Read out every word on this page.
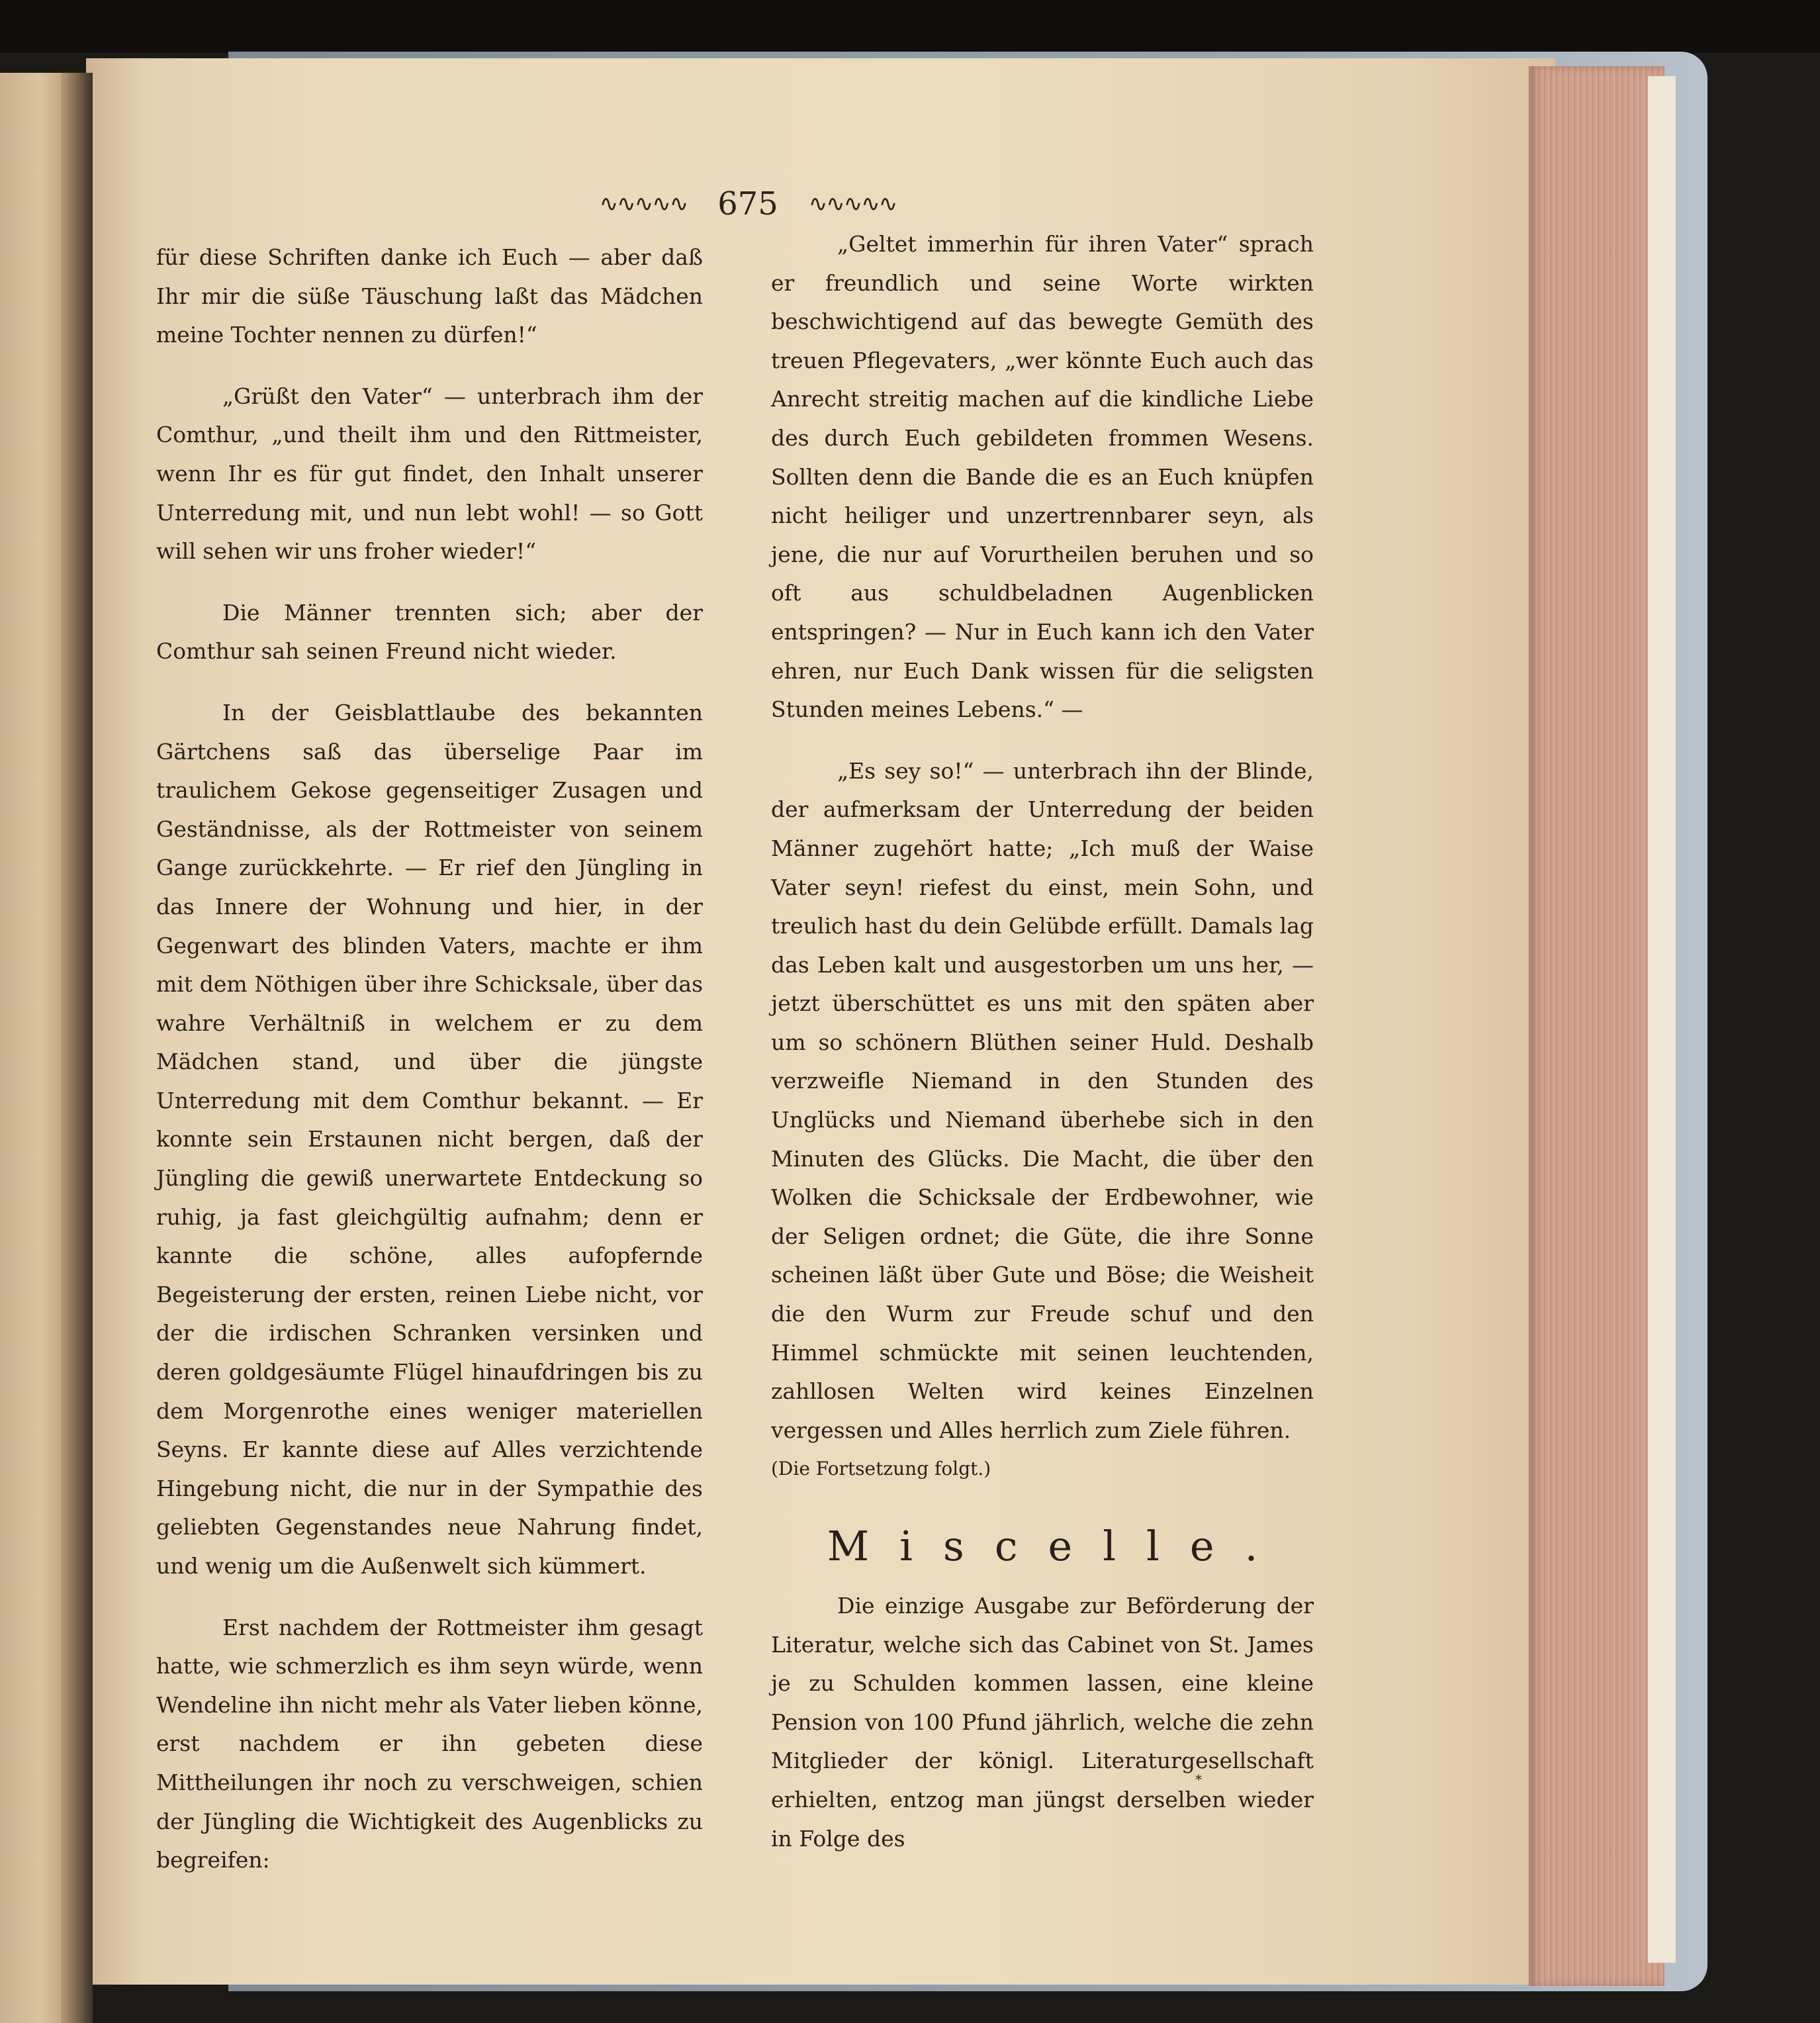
∿∿∿∿∿ 675 ∿∿∿∿∿

für diese Schriften danke ich Euch — aber daß Ihr mir die süße Täuschung laßt das Mädchen meine Tochter nennen zu dürfen!“

„Grüßt den Vater“ — unterbrach ihm der Comthur, „und theilt ihm und den Rittmeister, wenn Ihr es für gut findet, den Inhalt unserer Unterredung mit, und nun lebt wohl! — so Gott will sehen wir uns froher wieder!“

Die Männer trennten sich; aber der Comthur sah seinen Freund nicht wieder.

In der Geisblattlaube des bekannten Gärtchens saß das überselige Paar im traulichem Gekose gegenseitiger Zusagen und Geständnisse, als der Rottmeister von seinem Gange zurückkehrte. — Er rief den Jüngling in das Innere der Wohnung und hier, in der Gegenwart des blinden Vaters, machte er ihm mit dem Nöthigen über ihre Schicksale, über das wahre Verhältniß in welchem er zu dem Mädchen stand, und über die jüngste Unterredung mit dem Comthur bekannt. — Er konnte sein Erstaunen nicht bergen, daß der Jüngling die gewiß unerwartete Entdeckung so ruhig, ja fast gleichgültig aufnahm; denn er kannte die schöne, alles aufopfernde Begeisterung der ersten, reinen Liebe nicht, vor der die irdischen Schranken versinken und deren goldgesäumte Flügel hinaufdringen bis zu dem Morgenrothe eines weniger materiellen Seyns. Er kannte diese auf Alles verzichtende Hingebung nicht, die nur in der Sympathie des geliebten Gegenstandes neue Nahrung findet, und wenig um die Außenwelt sich kümmert.

Erst nachdem der Rottmeister ihm gesagt hatte, wie schmerzlich es ihm seyn würde, wenn Wendeline ihn nicht mehr als Vater lieben könne, erst nachdem er ihn gebeten diese Mittheilungen ihr noch zu verschweigen, schien der Jüngling die Wichtigkeit des Augenblicks zu begreifen:

„Geltet immerhin für ihren Vater“ sprach er freundlich und seine Worte wirkten beschwichtigend auf das bewegte Gemüth des treuen Pflegevaters, „wer könnte Euch auch das Anrecht streitig machen auf die kindliche Liebe des durch Euch gebildeten frommen Wesens. Sollten denn die Bande die es an Euch knüpfen nicht heiliger und unzertrennbarer seyn, als jene, die nur auf Vorurtheilen beruhen und so oft aus schuldbeladnen Augenblicken entspringen? — Nur in Euch kann ich den Vater ehren, nur Euch Dank wissen für die seligsten Stunden meines Lebens.“ —

„Es sey so!“ — unterbrach ihn der Blinde, der aufmerksam der Unterredung der beiden Männer zugehört hatte; „Ich muß der Waise Vater seyn! riefest du einst, mein Sohn, und treulich hast du dein Gelübde erfüllt. Damals lag das Leben kalt und ausgestorben um uns her, — jetzt überschüttet es uns mit den späten aber um so schönern Blüthen seiner Huld. Deshalb verzweifle Niemand in den Stunden des Unglücks und Niemand überhebe sich in den Minuten des Glücks. Die Macht, die über den Wolken die Schicksale der Erdbewohner, wie der Seligen ordnet; die Güte, die ihre Sonne scheinen läßt über Gute und Böse; die Weisheit die den Wurm zur Freude schuf und den Himmel schmückte mit seinen leuchtenden, zahllosen Welten wird keines Einzelnen vergessen und Alles herrlich zum Ziele führen.

(Die Fortsetzung folgt.)

Miscelle.

Die einzige Ausgabe zur Beförderung der Literatur, welche sich das Cabinet von St. James je zu Schulden kommen lassen, eine kleine Pension von 100 Pfund jährlich, welche die zehn Mitglieder der königl. Literaturgesellschaft erhielten, entzog man jüngst derselben wieder in Folge des

*
